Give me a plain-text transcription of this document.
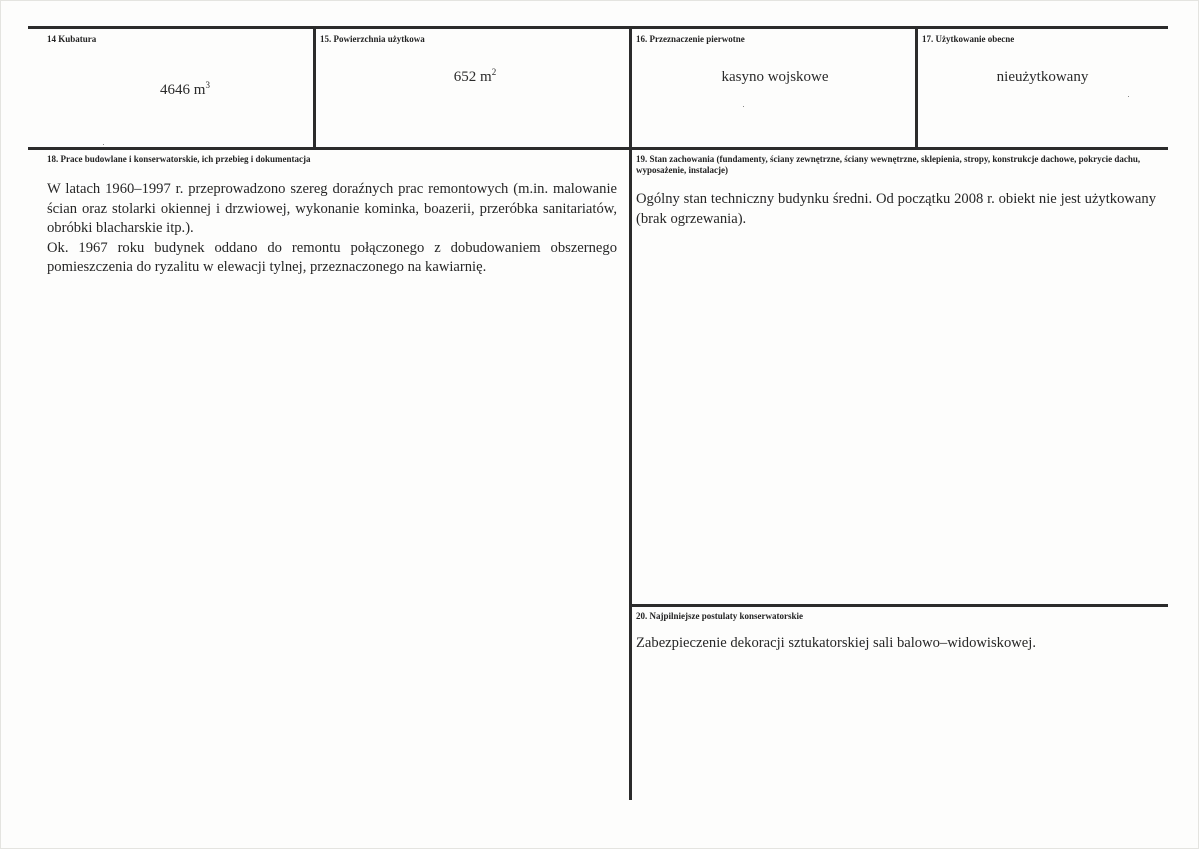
14 Kubatura
4646 $m^3$
15. Powierzchnia użytkowa
652 $m^2$
16. Przeznaczenie pierwotne
kasyno wojskowe
17. Użytkowanie obecne
nieużytkowany
18. Prace budowlane i konserwatorskie, ich przebieg i dokumentacja

W latach 1960–1997 r. przeprowadzono szereg doraźnych prac remontowych (m.in. malowanie ścian oraz stolarki okiennej i drzwiowej, wykonanie kominka, boazerii, przeróbka sanitariatów, obróbki blacharskie itp.).

Ok. 1967 roku budynek oddano do remontu połączonego z dobudowaniem obszernego pomieszczenia do ryzalitu w elewacji tylnej, przeznaczonego na kawiarnię.

19. Stan zachowania (fundamenty, ściany zewnętrzne, ściany wewnętrzne, sklepienia, stropy, konstrukcje dachowe, pokrycie dachu, wyposażenie, instalacje)
Ogólny stan techniczny budynku średni. Od początku 2008 r. obiekt nie jest użytkowany (brak ogrzewania).
20. Najpilniejsze postulaty konserwatorskie
Zabezpieczenie dekoracji sztukatorskiej sali balowo–widowiskowej.
